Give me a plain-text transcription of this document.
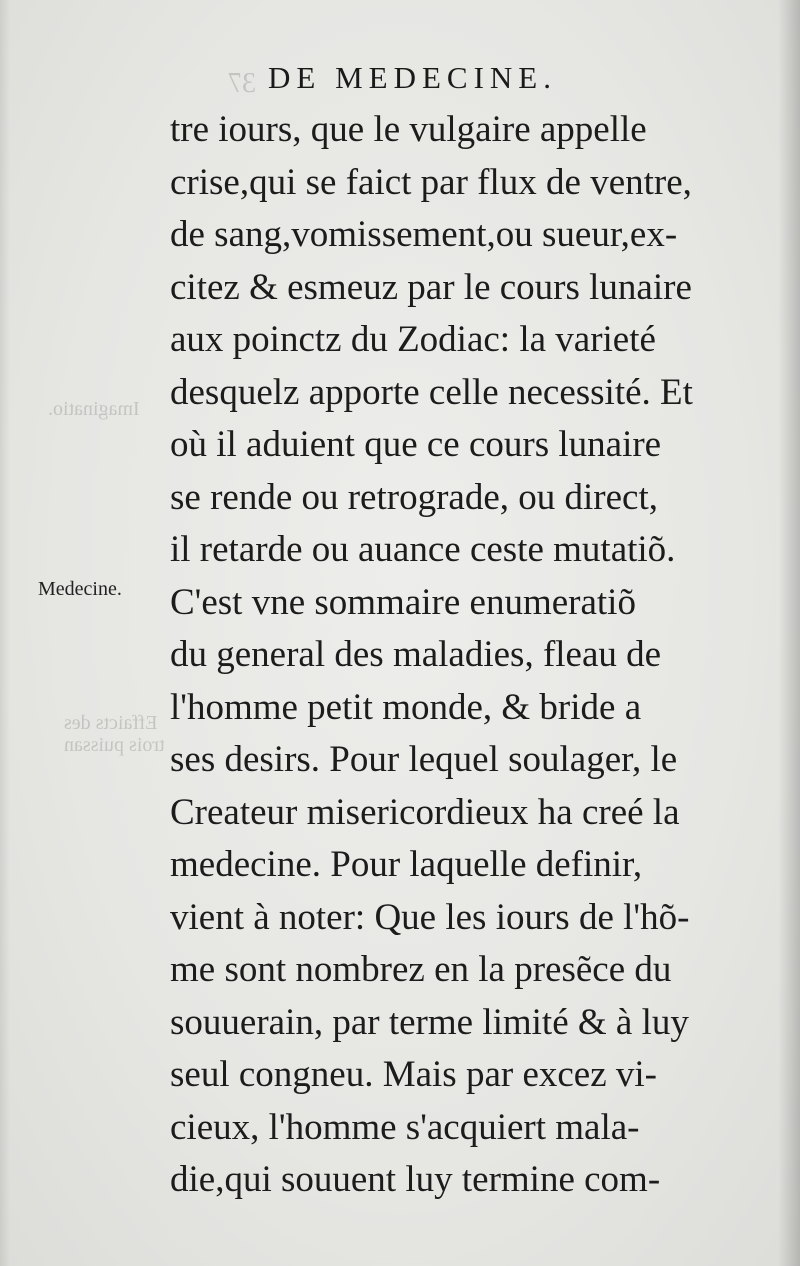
37
Imaginatio.
Effaicts des
trois puissan
DE MEDECINE.
Medecine.
tre iours, que le vulgaire appelle
crise,qui se faict par flux de ventre,
de sang,vomissement,ou sueur,ex-
citez & esmeuz par le cours lunaire
aux poinctz du Zodiac: la varieté
desquelz apporte celle necessité. Et
où il aduient que ce cours lunaire
se rende ou retrograde, ou direct,
il retarde ou auance ceste mutatiõ.
C'est vne sommaire enumeratiõ
du general des maladies, fleau de
l'homme petit monde, & bride a
ses desirs. Pour lequel soulager, le
Createur misericordieux ha creé la
medecine. Pour laquelle definir,
vient à noter: Que les iours de l'hõ-
me sont nombrez en la presẽce du
souuerain, par terme limité & à luy
seul congneu. Mais par excez vi-
cieux, l'homme s'acquiert mala-
die,qui souuent luy termine com-
